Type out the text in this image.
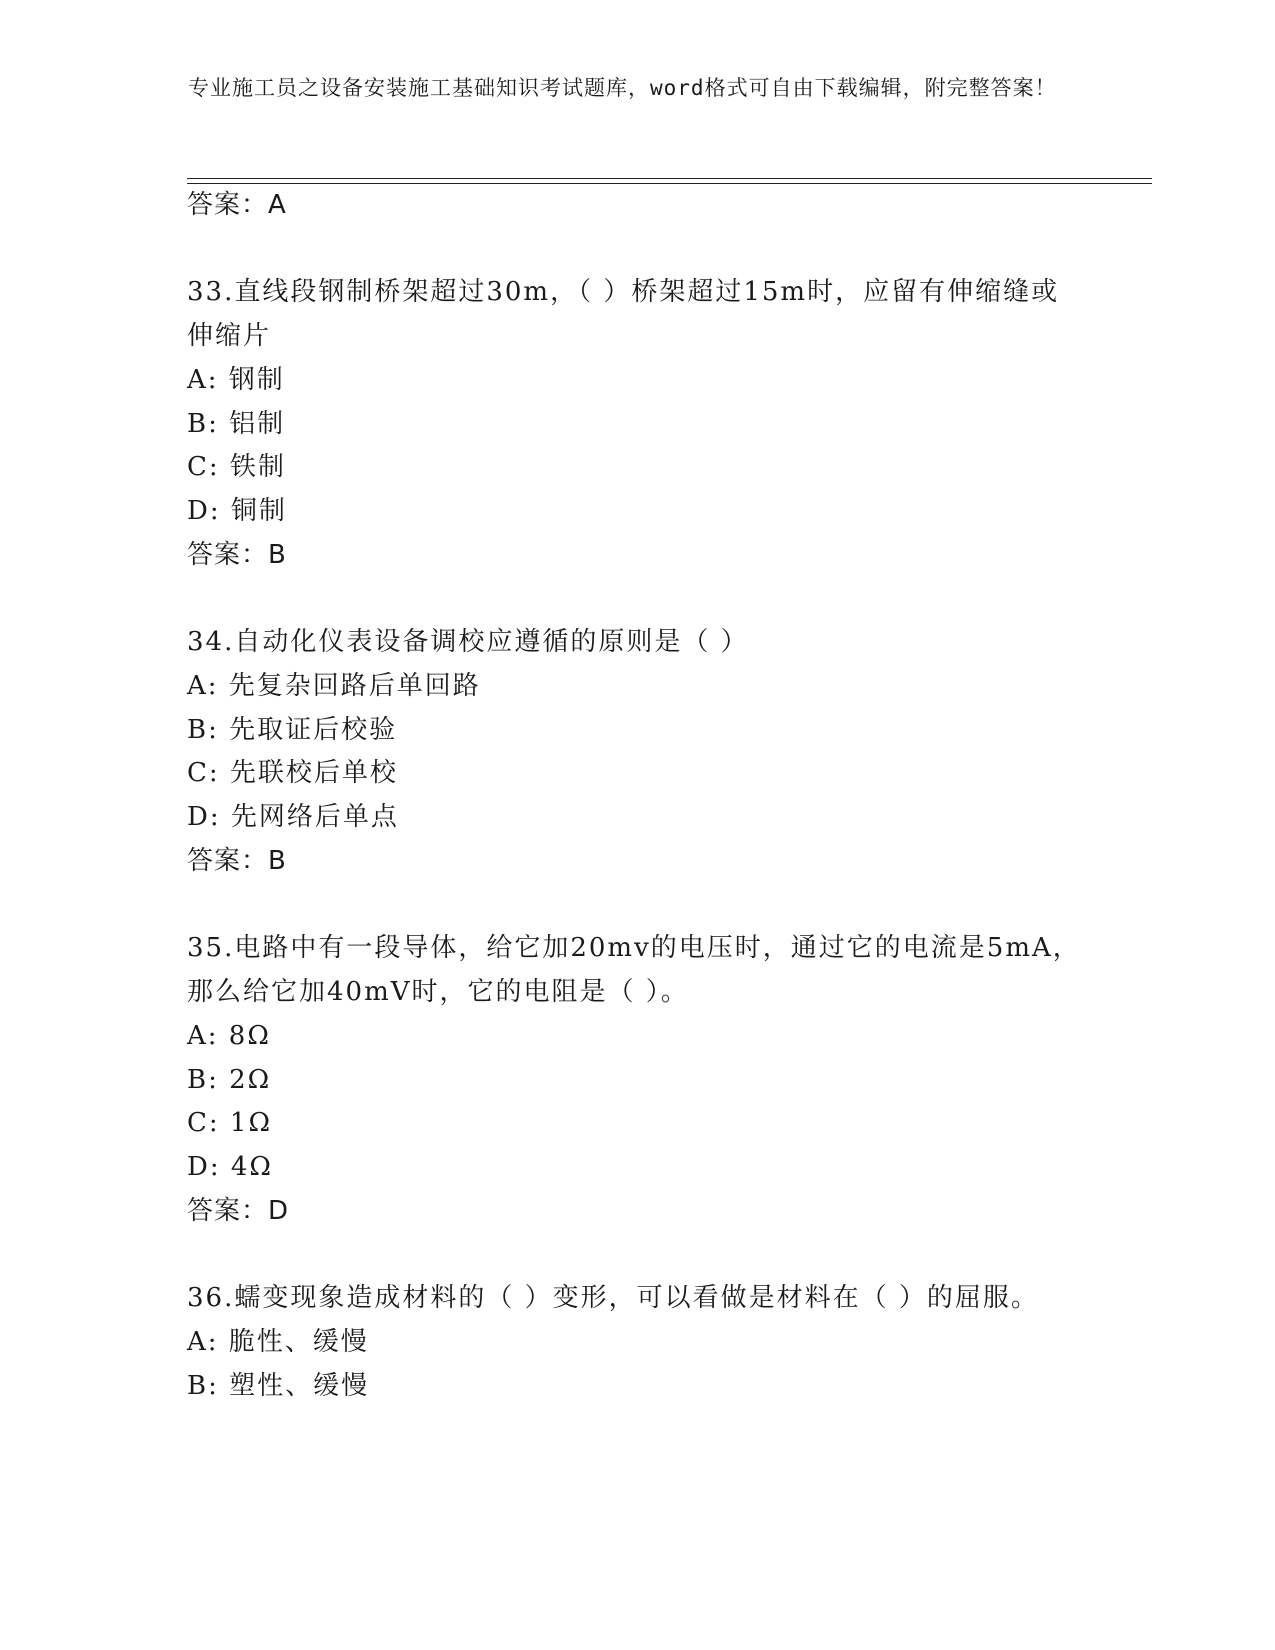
专业施工员之设备安装施工基础知识考试题库，word格式可自由下载编辑，附完整答案！
答案：A
33.直线段钢制桥架超过30m，（ ）桥架超过15m时，应留有伸缩缝或
伸缩片
A: 钢制
B: 铝制
C: 铁制
D: 铜制
答案：B
34.自动化仪表设备调校应遵循的原则是（ ）
A: 先复杂回路后单回路
B: 先取证后校验
C: 先联校后单校
D: 先网络后单点
答案：B
35.电路中有一段导体，给它加20mv的电压时，通过它的电流是5mA，
那么给它加40mV时，它的电阻是（ ）。
A: 8Ω
B: 2Ω
C: 1Ω
D: 4Ω
答案：D
36.蠕变现象造成材料的（ ）变形，可以看做是材料在（ ）的屈服。
A: 脆性、缓慢
B: 塑性、缓慢
